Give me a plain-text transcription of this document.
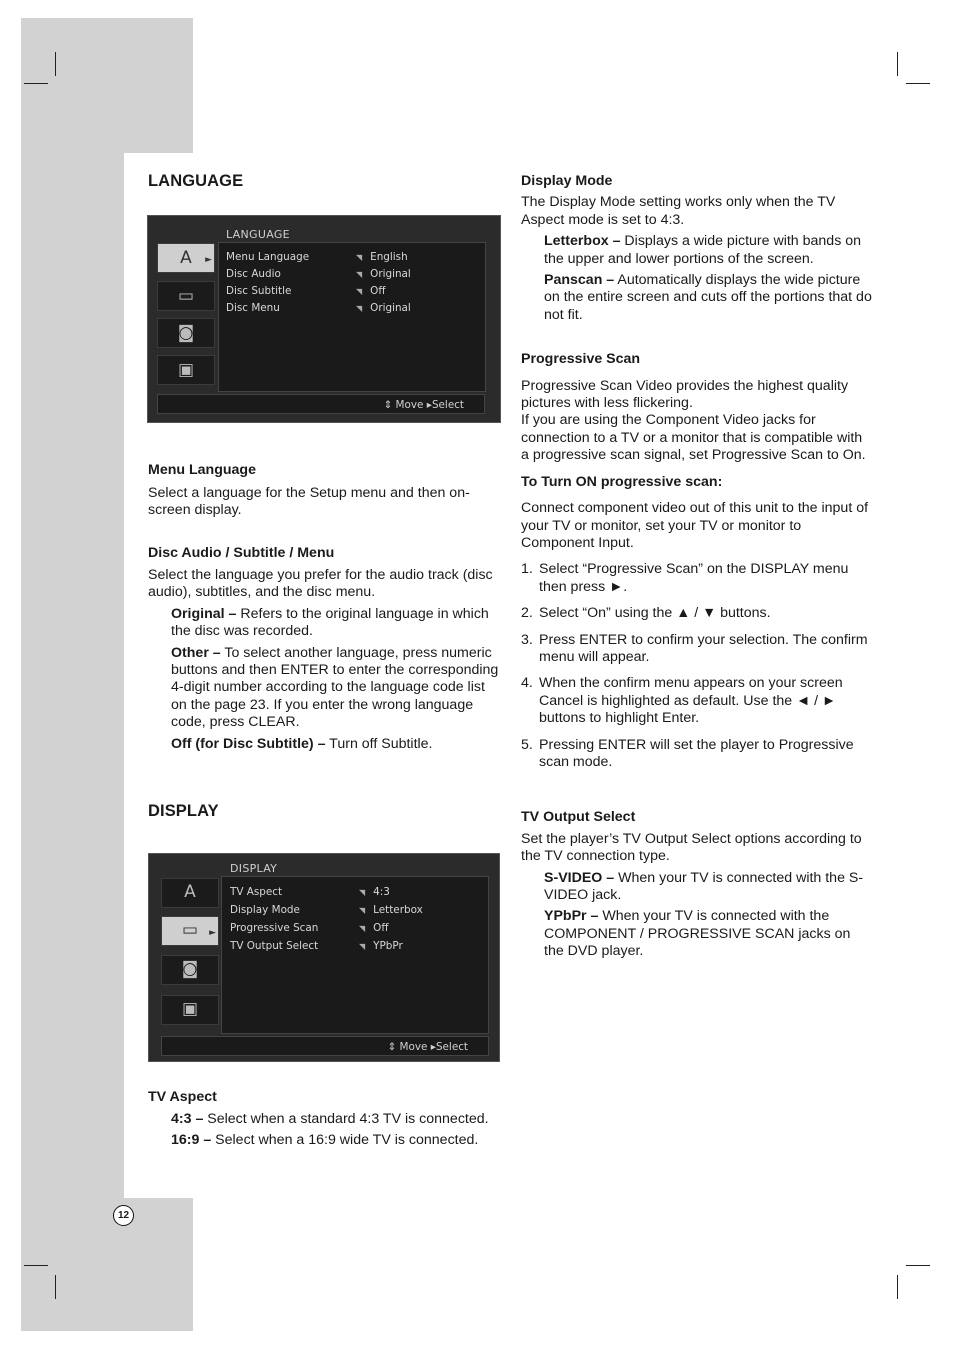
LANGUAGE
LANGUAGE
A ►
▭
◙
▣
Menu Language	◥ English
Disc Audio	◥ Original
Disc Subtitle	◥ Off
Disc Menu	◥ Original
⇕ Move ▸Select
Menu Language

Select a language for the Setup menu and then on-screen display.

Disc Audio / Subtitle / Menu

Select the language you prefer for the audio track (disc audio), subtitles, and the disc menu.

Original – Refers to the original language in which the disc was recorded.

Other – To select another language, press numeric buttons and then ENTER to enter the corresponding 4-digit number according to the language code list on the page 23. If you enter the wrong language code, press CLEAR.

Off (for Disc Subtitle) – Turn off Subtitle.

DISPLAY
DISPLAY
A
▭ ►
◙
▣
TV Aspect	◥ 4:3
Display Mode	◥ Letterbox
Progressive Scan	◥ Off
TV Output Select	◥ YPbPr
⇕ Move ▸Select
TV Aspect

4:3 – Select when a standard 4:3 TV is connected.

16:9 – Select when a 16:9 wide TV is connected.

Display Mode

The Display Mode setting works only when the TV Aspect mode is set to 4:3.

Letterbox – Displays a wide picture with bands on the upper and lower portions of the screen.

Panscan – Automatically displays the wide picture on the entire screen and cuts off the portions that do not fit.

Progressive Scan

Progressive Scan Video provides the highest quality pictures with less flickering.

If you are using the Component Video jacks for connection to a TV or a monitor that is compatible with a progressive scan signal, set Progressive Scan to On.

To Turn ON progressive scan:

Connect component video out of this unit to the input of your TV or monitor, set your TV or monitor to Component Input.

1. Select “Progressive Scan” on the DISPLAY menu then press ►.
2. Select “On” using the ▲ / ▼ buttons.
3. Press ENTER to confirm your selection. The confirm menu will appear.
4. When the confirm menu appears on your screen Cancel is highlighted as default. Use the ◄ / ► buttons to highlight Enter.
5. Pressing ENTER will set the player to Progressive scan mode.
TV Output Select

Set the player’s TV Output Select options according to the TV connection type.

S-VIDEO – When your TV is connected with the S-VIDEO jack.

YPbPr – When your TV is connected with the COMPONENT / PROGRESSIVE SCAN jacks on the DVD player.

12
